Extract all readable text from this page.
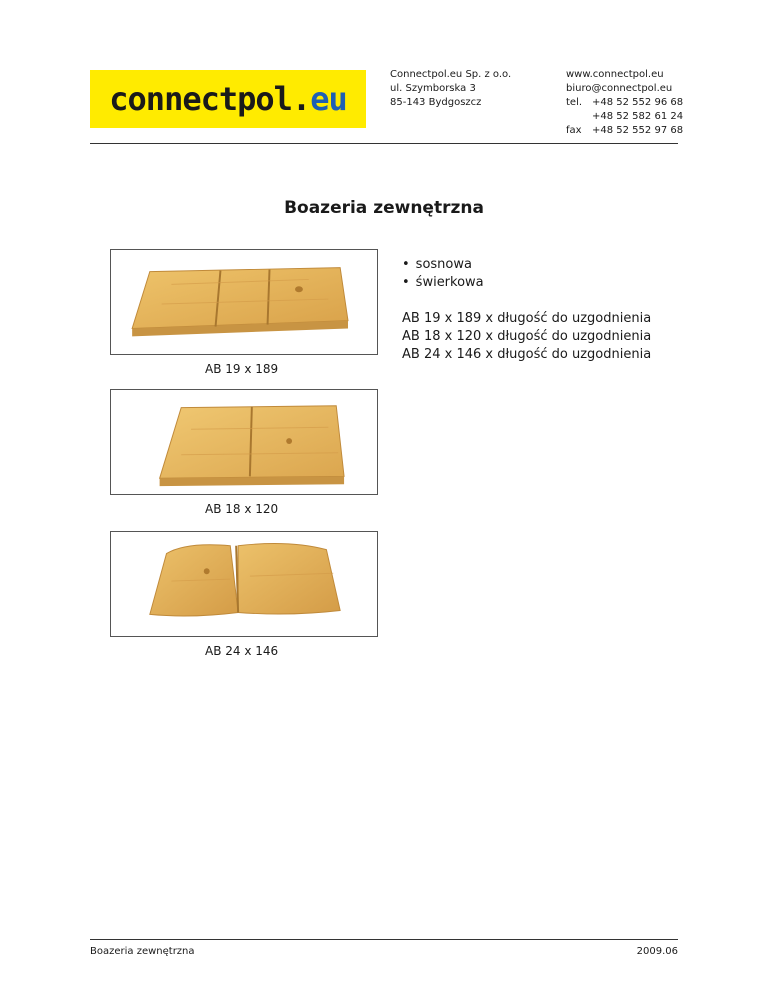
connectpol. eu
Connectpol.eu Sp. z o.o.
ul. Szymborska 3
85-143 Bydgoszcz
www.connectpol.eu
biuro@connectpol.eu
tel. +48 52 552 96 68
+48 52 582 61 24
fax	+48 52 552 97 68
Boazeria zewnętrzna
AB 19 x 189
AB 18 x 120
AB 24 x 146
• sosnowa
• świerkowa
AB 19 x 189 x długość do uzgodnienia
AB 18 x 120 x długość do uzgodnienia
AB 24 x 146 x długość do uzgodnienia
Boazeria zewnętrzna	2009.06
